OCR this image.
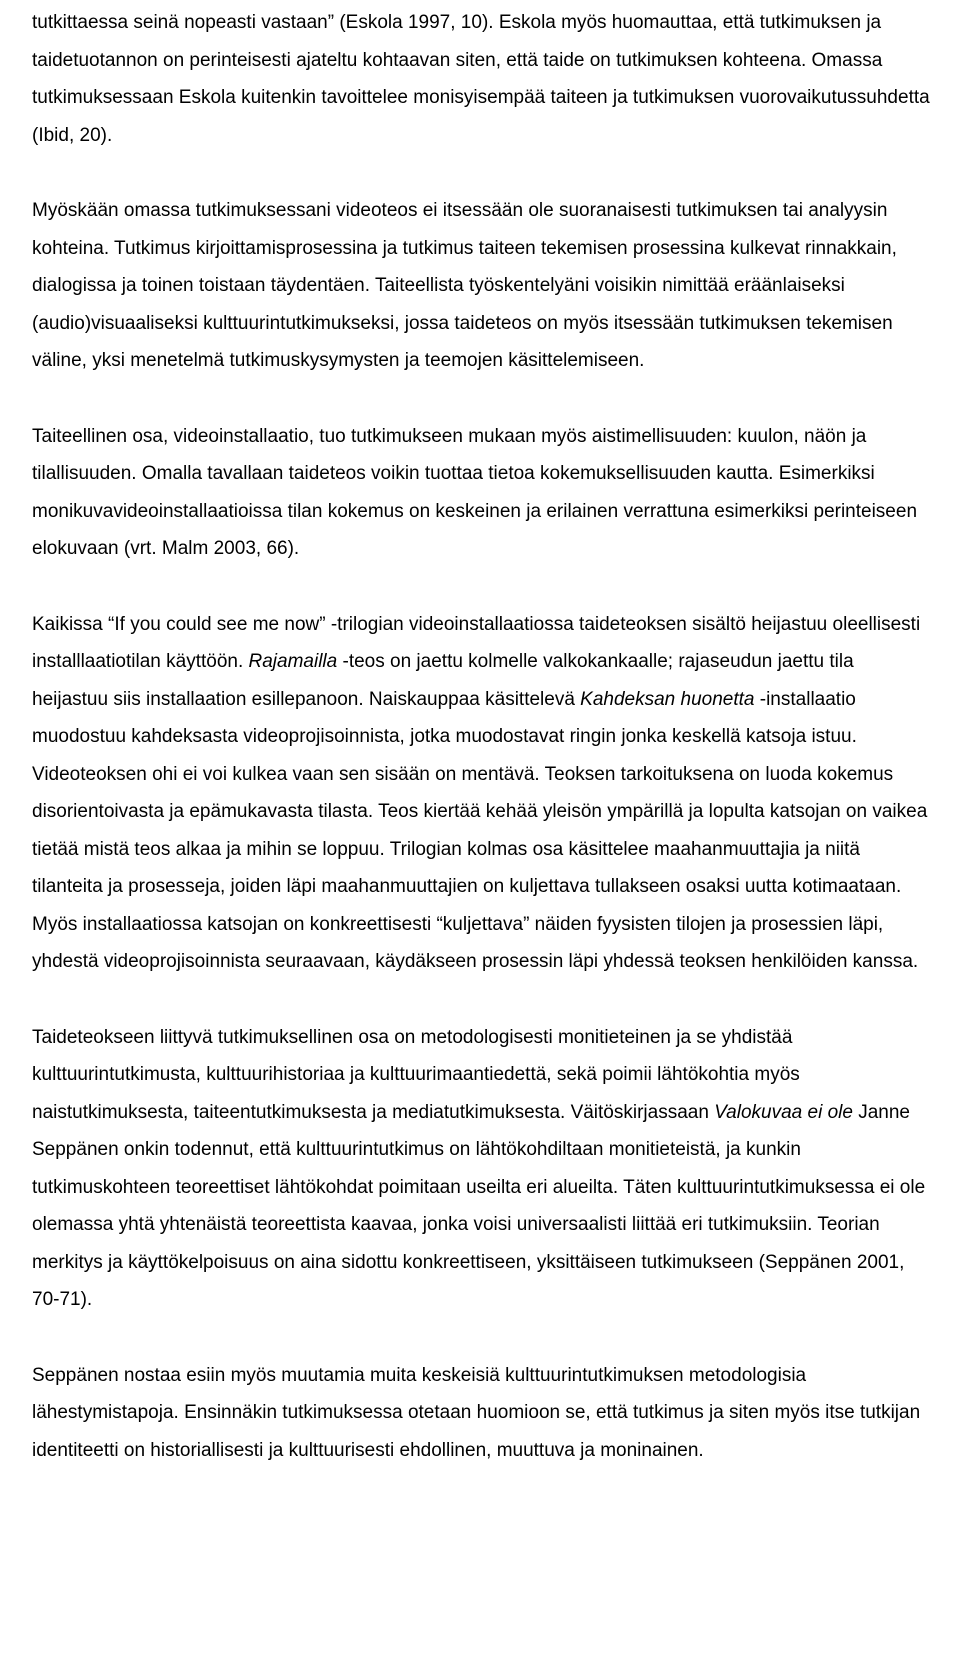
tutkittaessa seinä nopeasti vastaan” (Eskola 1997, 10). Eskola myös huomauttaa, että tutkimuksen ja taidetuotannon on perinteisesti ajateltu kohtaavan siten, että taide on tutkimuksen kohteena. Omassa tutkimuksessaan Eskola kuitenkin tavoittelee monisyisempää taiteen ja tutkimuksen vuorovaikutussuhdetta (Ibid, 20).

Myöskään omassa tutkimuksessani videoteos ei itsessään ole suoranaisesti tutkimuksen tai analyysin kohteina. Tutkimus kirjoittamisprosessina ja tutkimus taiteen tekemisen prosessina kulkevat rinnakkain, dialogissa ja toinen toistaan täydentäen. Taiteellista työskentelyäni voisikin nimittää eräänlaiseksi (audio)visuaaliseksi kulttuurintutkimukseksi, jossa taideteos on myös itsessään tutkimuksen tekemisen väline, yksi menetelmä tutkimuskysymysten ja teemojen käsittelemiseen.

Taiteellinen osa, videoinstallaatio, tuo tutkimukseen mukaan myös aistimellisuuden: kuulon, näön ja tilallisuuden. Omalla tavallaan taideteos voikin tuottaa tietoa kokemuksellisuuden kautta. Esimerkiksi monikuvavideoinstallaatioissa tilan kokemus on keskeinen ja erilainen verrattuna esimerkiksi perinteiseen elokuvaan (vrt. Malm 2003, 66).

Kaikissa “If you could see me now” -trilogian videoinstallaatiossa taideteoksen sisältö heijastuu oleellisesti installlaatiotilan käyttöön. Rajamailla -teos on jaettu kolmelle valkokankaalle; rajaseudun jaettu tila heijastuu siis installaation esillepanoon. Naiskauppaa käsittelevä Kahdeksan huonetta -installaatio muodostuu kahdeksasta videoprojisoinnista, jotka muodostavat ringin jonka keskellä katsoja istuu. Videoteoksen ohi ei voi kulkea vaan sen sisään on mentävä. Teoksen tarkoituksena on luoda kokemus disorientoivasta ja epämukavasta tilasta. Teos kiertää kehää yleisön ympärillä ja lopulta katsojan on vaikea tietää mistä teos alkaa ja mihin se loppuu. Trilogian kolmas osa käsittelee maahanmuuttajia ja niitä tilanteita ja prosesseja, joiden läpi maahanmuuttajien on kuljettava tullakseen osaksi uutta kotimaataan. Myös installaatiossa katsojan on konkreettisesti “kuljettava” näiden fyysisten tilojen ja prosessien läpi, yhdestä videoprojisoinnista seuraavaan, käydäkseen prosessin läpi yhdessä teoksen henkilöiden kanssa.

Taideteokseen liittyvä tutkimuksellinen osa on metodologisesti monitieteinen ja se yhdistää kulttuurintutkimusta, kulttuurihistoriaa ja kulttuurimaantiedettä, sekä poimii lähtökohtia myös naistutkimuksesta, taiteentutkimuksesta ja mediatutkimuksesta. Väitöskirjassaan Valokuvaa ei ole Janne Seppänen onkin todennut, että kulttuurintutkimus on lähtökohdiltaan monitieteistä, ja kunkin tutkimuskohteen teoreettiset lähtökohdat poimitaan useilta eri alueilta. Täten kulttuurintutkimuksessa ei ole olemassa yhtä yhtenäistä teoreettista kaavaa, jonka voisi universaalisti liittää eri tutkimuksiin. Teorian merkitys ja käyttökelpoisuus on aina sidottu konkreettiseen, yksittäiseen tutkimukseen (Seppänen 2001, 70-71).

Seppänen nostaa esiin myös muutamia muita keskeisiä kulttuurintutkimuksen metodologisia lähestymistapoja. Ensinnäkin tutkimuksessa otetaan huomioon se, että tutkimus ja siten myös itse tutkijan identiteetti on historiallisesti ja kulttuurisesti ehdollinen, muuttuva ja moninainen.
